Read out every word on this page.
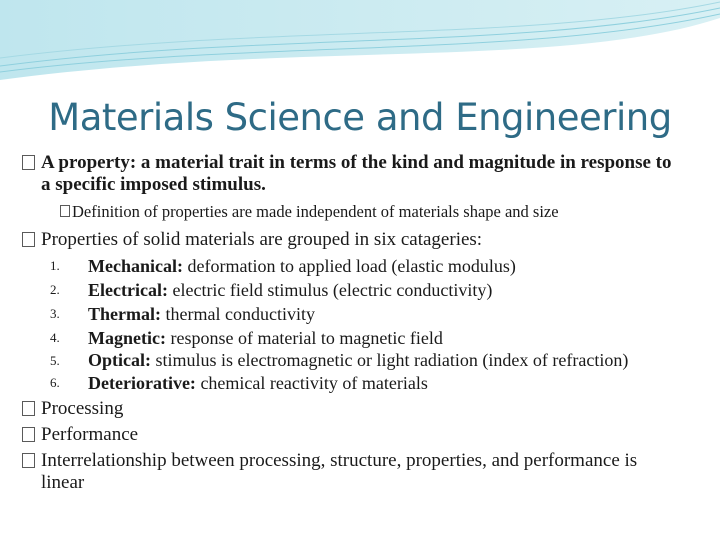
Materials Science and Engineering
A property: a material trait in terms of the kind and magnitude in response to a specific imposed stimulus.
Definition of properties are made independent of materials shape and size
Properties of solid materials are grouped in six catageries:
1. Mechanical: deformation to applied load (elastic modulus)
2. Electrical: electric field stimulus (electric conductivity)
3. Thermal: thermal conductivity
4. Magnetic: response of material to magnetic field
5. Optical: stimulus is electromagnetic or light radiation (index of refraction)
6. Deteriorative: chemical reactivity of materials
Processing
Performance
Interrelationship between processing, structure, properties, and performance is linear
